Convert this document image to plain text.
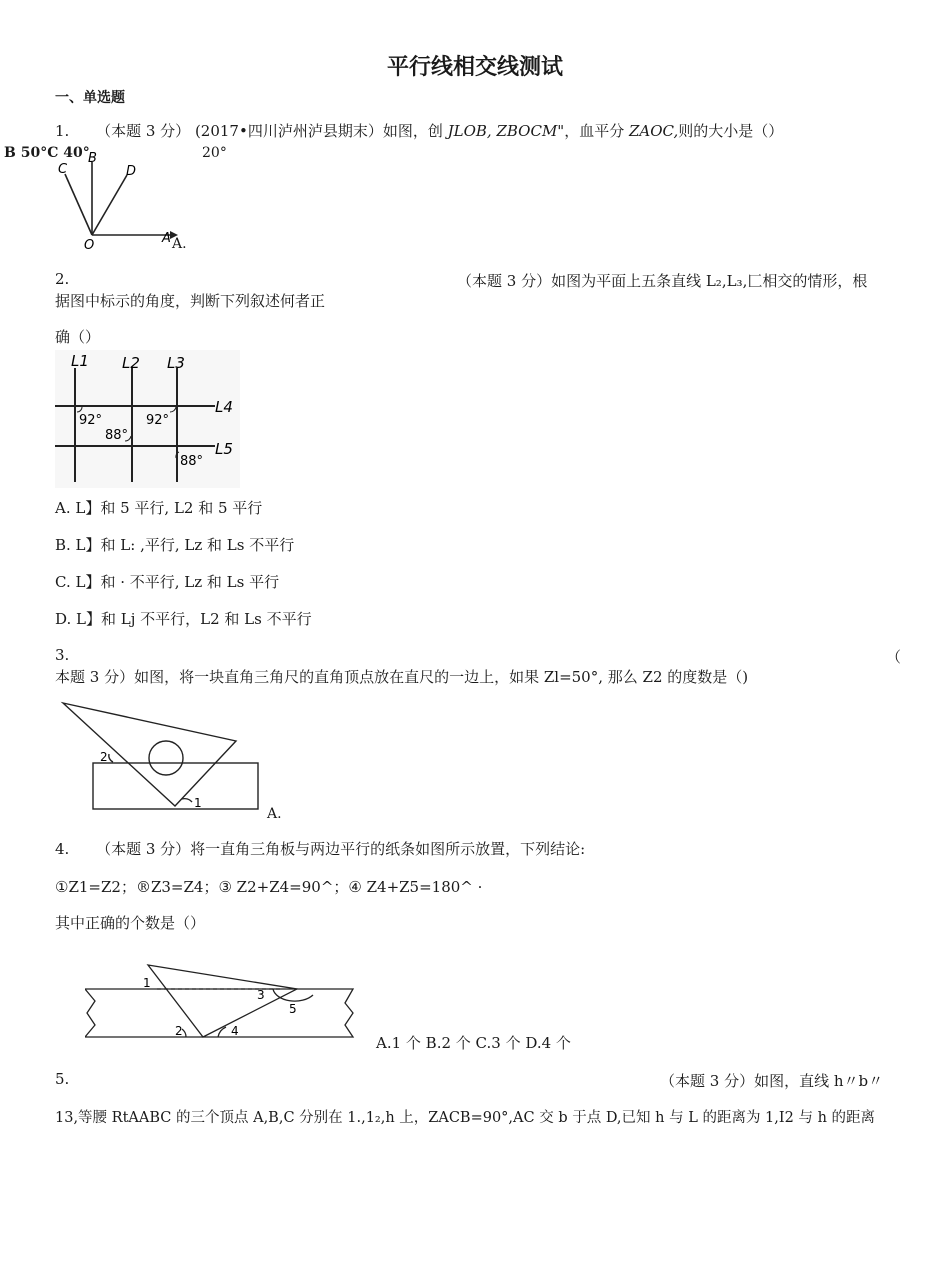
平行线相交线测试
一、单选题
1. （本题 3 分） (2017•四川泸州泸县期末）如图，创 JLOB, ZBOCM"，血平分 ZAOC,则的大小是（）
B 50°C 40°	20°
C
B
D
A
O	A.
2.	（本题 3 分）如图为平面上五条直线 L₂,L₃,匚相交的情形，根
据图中标示的角度，判断下列叙述何者正
确（）
L1 L2 L3
L4
L5
92°	92°
88°
88°
A. L】和 5 平行, L2 和 5 平行
B. L】和 L: ,平行, Lz 和 Ls 不平行
C. L】和 · 不平行, Lz 和 Ls 平行
D. L】和 Lj 不平行，L2 和 Ls 不平行
3.	（
本题 3 分）如图，将一块直角三角尺的直角顶点放在直尺的一边上，如果 Zl=50°, 那么 Z2 的度数是（)
2
1
A.
4. （本题 3 分）将一直角三角板与两边平行的纸条如图所示放置，下列结论:
①Z1=Z2；®Z3=Z4；③ Z2+Z4=90^；④ Z4+Z5=180^ ·
其中正确的个数是（）
1
2
3
4
5
A.1 个 B.2 个 C.3 个 D.4 个
5.	（本题 3 分）如图，直线 h〃b〃
13,等腰 RtAABC 的三个顶点 A,B,C 分别在 1.,1₂,h 上，ZACB=90°,AC 交 b 于点 D,已知 h 与 L 的距离为 1,I2 与 h 的距离
